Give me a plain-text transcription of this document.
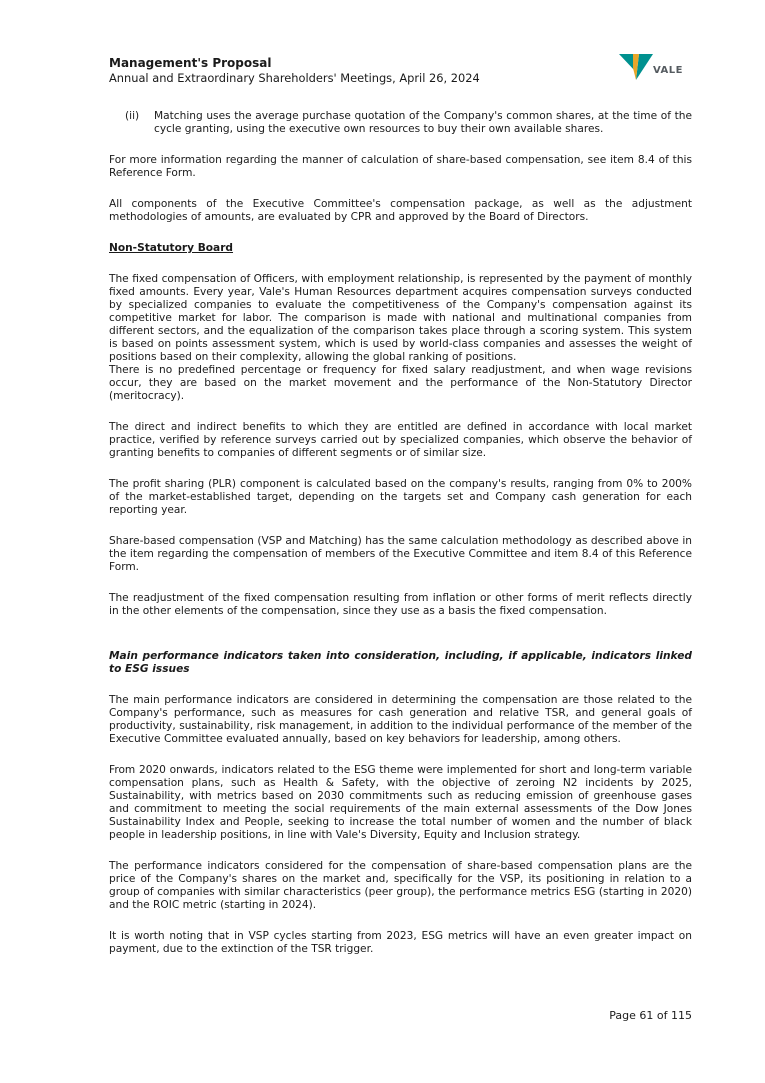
Management's Proposal
Annual and Extraordinary Shareholders' Meetings, April 26, 2024
VALE

(ii)	Matching uses the average purchase quotation of the Company's common shares, at the time of the cycle granting, using the executive own resources to buy their own available shares.

For more information regarding the manner of calculation of share-based compensation, see item 8.4 of this Reference Form.

All components of the Executive Committee's compensation package, as well as the adjustment methodologies of amounts, are evaluated by CPR and approved by the Board of Directors.

Non-Statutory Board

The fixed compensation of Officers, with employment relationship, is represented by the payment of monthly fixed amounts. Every year, Vale's Human Resources department acquires compensation surveys conducted by specialized companies to evaluate the competitiveness of the Company's compensation against its competitive market for labor. The comparison is made with national and multinational companies from different sectors, and the equalization of the comparison takes place through a scoring system. This system is based on points assessment system, which is used by world-class companies and assesses the weight of positions based on their complexity, allowing the global ranking of positions.

There is no predefined percentage or frequency for fixed salary readjustment, and when wage revisions occur, they are based on the market movement and the performance of the Non-Statutory Director (meritocracy).

The direct and indirect benefits to which they are entitled are defined in accordance with local market practice, verified by reference surveys carried out by specialized companies, which observe the behavior of granting benefits to companies of different segments or of similar size.

The profit sharing (PLR) component is calculated based on the company's results, ranging from 0% to 200% of the market-established target, depending on the targets set and Company cash generation for each reporting year.

Share-based compensation (VSP and Matching) has the same calculation methodology as described above in the item regarding the compensation of members of the Executive Committee and item 8.4 of this Reference Form.

The readjustment of the fixed compensation resulting from inflation or other forms of merit reflects directly in the other elements of the compensation, since they use as a basis the fixed compensation.

Main performance indicators taken into consideration, including, if applicable, indicators linked to ESG issues

The main performance indicators are considered in determining the compensation are those related to the Company's performance, such as measures for cash generation and relative TSR, and general goals of productivity, sustainability, risk management, in addition to the individual performance of the member of the Executive Committee evaluated annually, based on key behaviors for leadership, among others.

From 2020 onwards, indicators related to the ESG theme were implemented for short and long-term variable compensation plans, such as Health & Safety, with the objective of zeroing N2 incidents by 2025, Sustainability, with metrics based on 2030 commitments such as reducing emission of greenhouse gases and commitment to meeting the social requirements of the main external assessments of the Dow Jones Sustainability Index and People, seeking to increase the total number of women and the number of black people in leadership positions, in line with Vale's Diversity, Equity and Inclusion strategy.

The performance indicators considered for the compensation of share-based compensation plans are the price of the Company's shares on the market and, specifically for the VSP, its positioning in relation to a group of companies with similar characteristics (peer group), the performance metrics ESG (starting in 2020) and the ROIC metric (starting in 2024).

It is worth noting that in VSP cycles starting from 2023, ESG metrics will have an even greater impact on payment, due to the extinction of the TSR trigger.

Page 61 of 115
